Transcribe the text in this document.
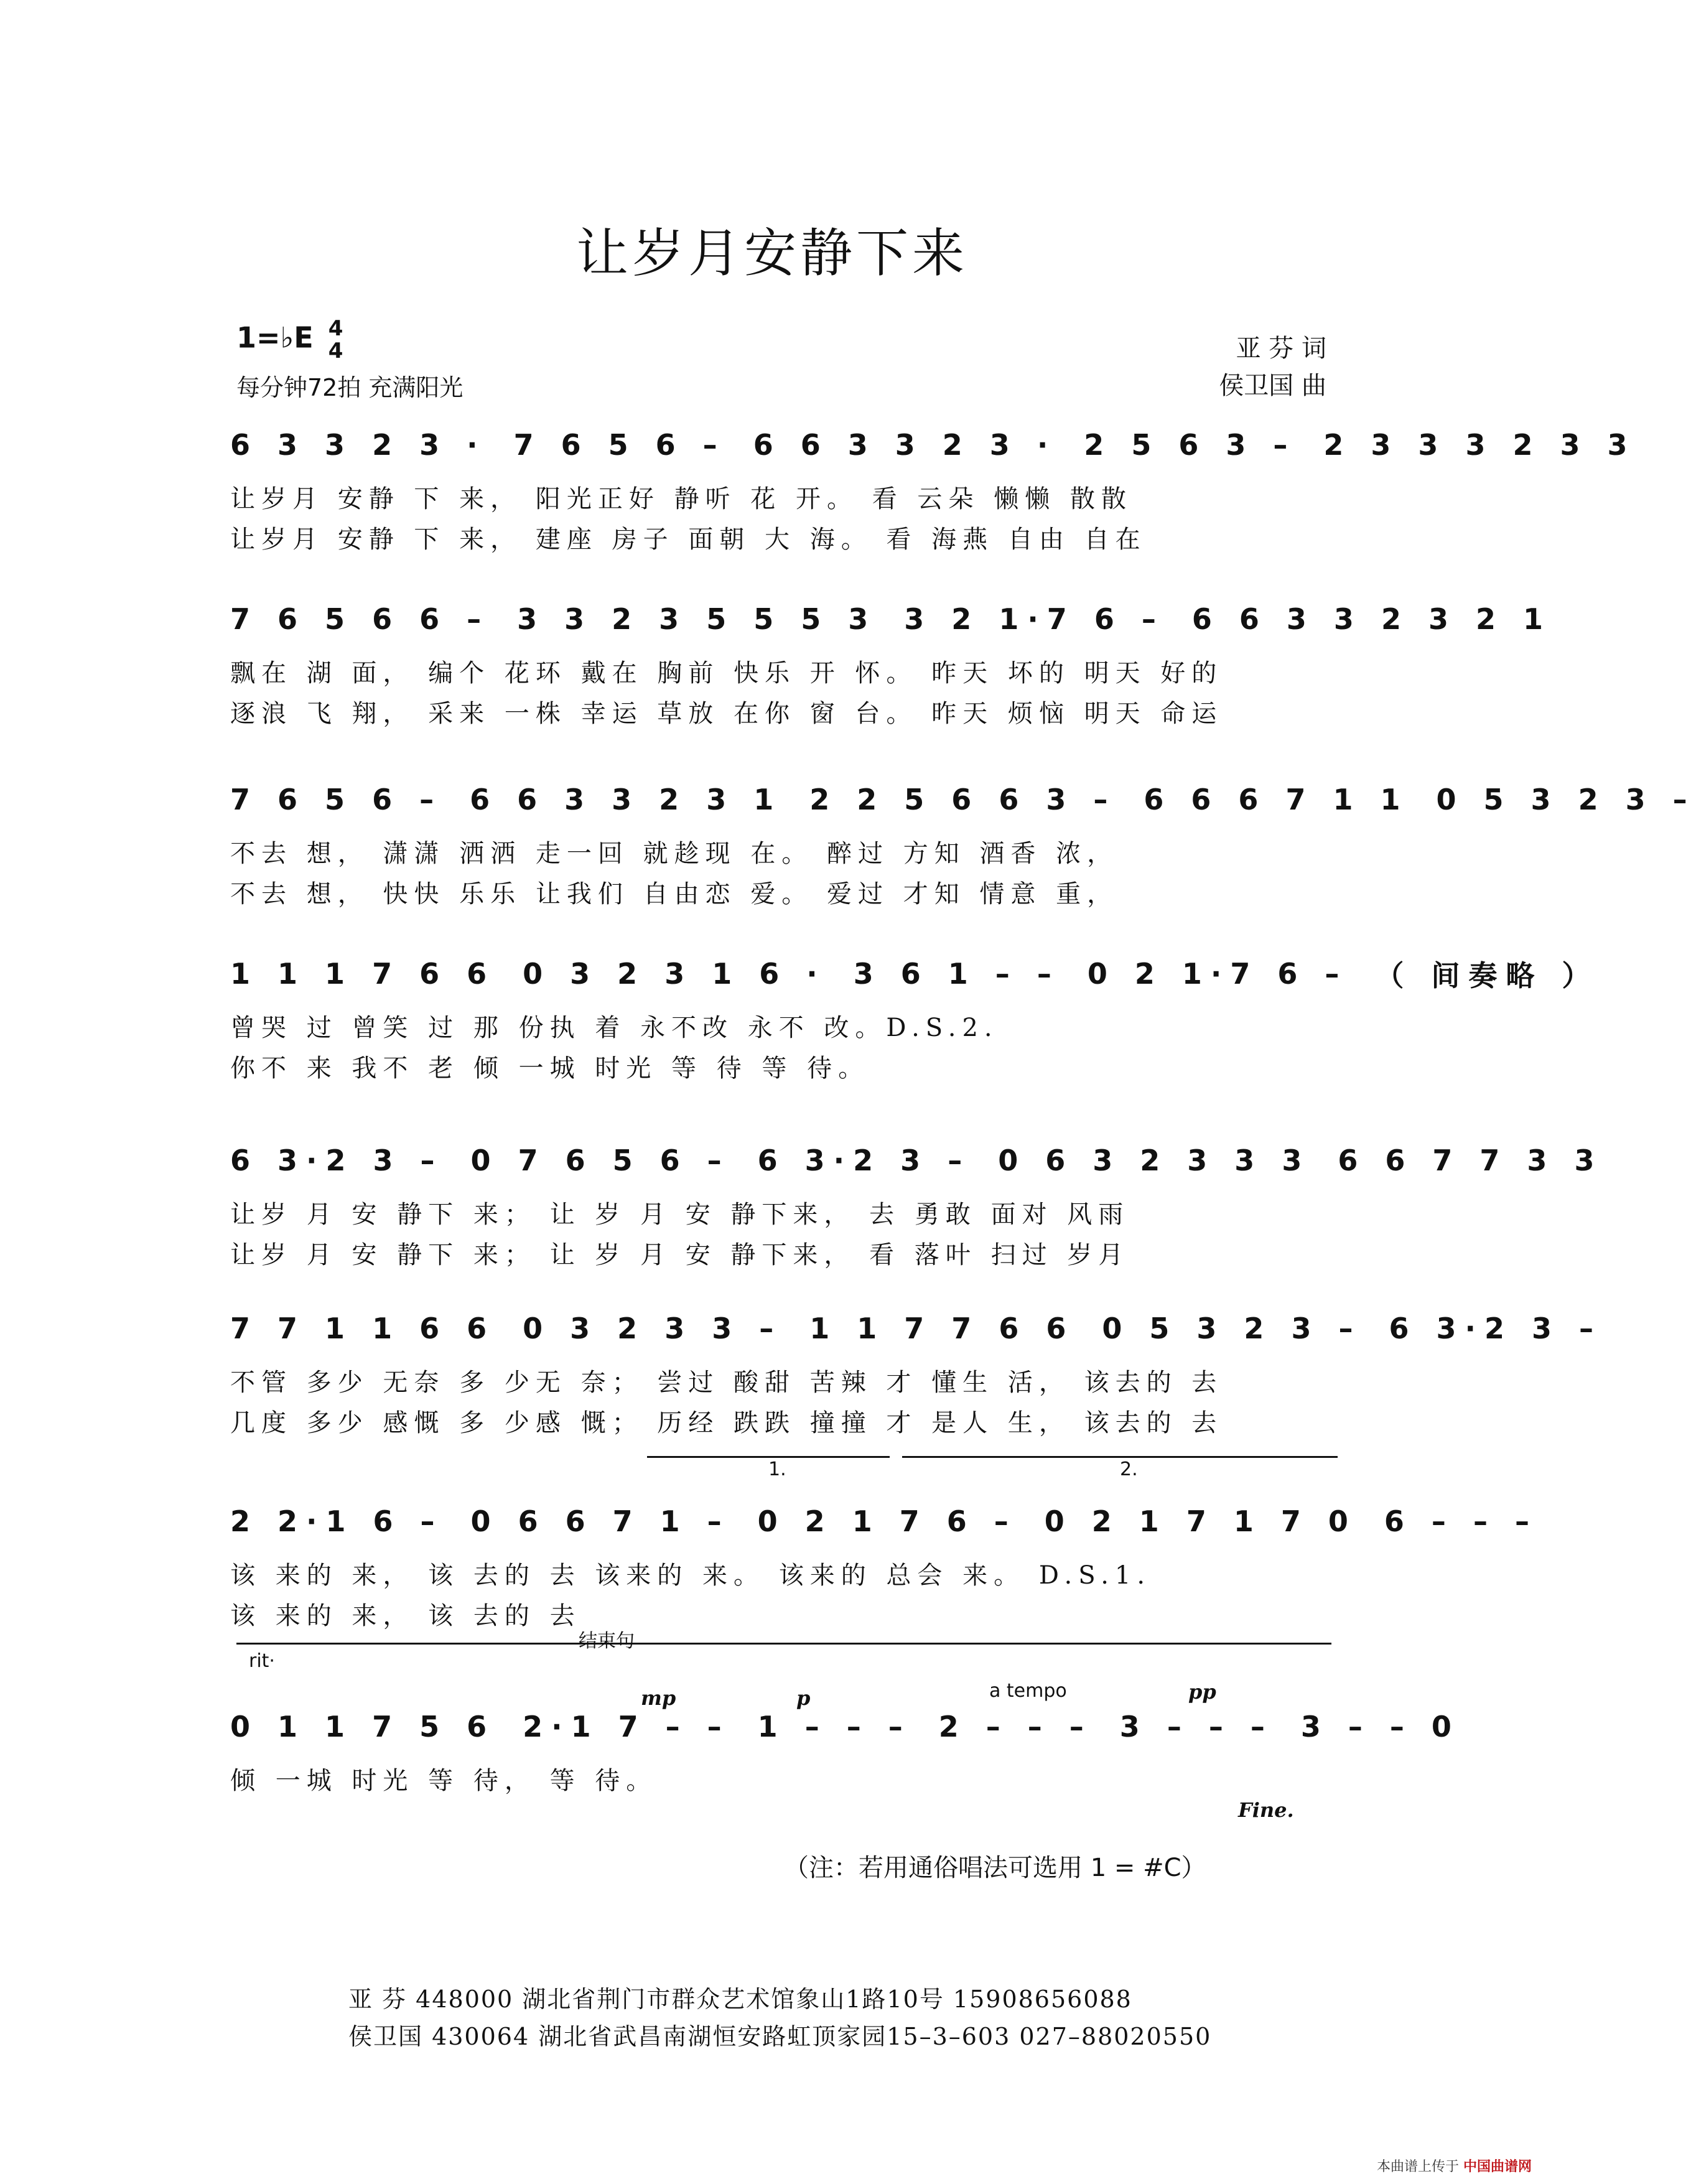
让岁月安静下来
1=♭E 4
4
每分钟72拍 充满阳光
亚 芬 词
侯卫国 曲
6 3 3 2 3 · 7 6 5 6 – 6 6 3 3 2 3 · 2 5 6 3 – 2 3 3 3 2 3 3
让岁月 安静 下 来， 阳光正好 静听 花 开。 看 云朵 懒懒 散散
让岁月 安静 下 来， 建座 房子 面朝 大 海。 看 海燕 自由 自在
7 6 5 6 6 – 3 3 2 3 5 5 5 3 3 2 1·7 6 – 6 6 3 3 2 3 2 1
飘在 湖 面， 编个 花环 戴在 胸前 快乐 开 怀。 昨天 坏的 明天 好的
逐浪 飞 翔， 采来 一株 幸运 草放 在你 窗 台。 昨天 烦恼 明天 命运
7 6 5 6 – 6 6 3 3 2 3 1 2 2 5 6 6 3 – 6 6 6 7 1 1 0 5 3 2 3 –
不去 想， 潇潇 洒洒 走一回 就趁现 在。 醉过 方知 酒香 浓，
不去 想， 快快 乐乐 让我们 自由恋 爱。 爱过 才知 情意 重，
1 1 1 7 6 6 0 3 2 3 1 6 · 3 6 1 – – 0 2 1·7 6 – （ 间奏略 ）
曾哭 过 曾笑 过 那 份执 着 永不改 永不 改。D.S.2.
你不 来 我不 老 倾 一城 时光 等 待 等 待。
6 3·2 3 – 0 7 6 5 6 – 6 3·2 3 – 0 6 3 2 3 3 3 6 6 7 7 3 3
让岁 月 安 静下 来； 让 岁 月 安 静下来， 去 勇敢 面对 风雨
让岁 月 安 静下 来； 让 岁 月 安 静下来， 看 落叶 扫过 岁月
7 7 1 1 6 6 0 3 2 3 3 – 1 1 7 7 6 6 0 5 3 2 3 – 6 3·2 3 –
不管 多少 无奈 多 少无 奈； 尝过 酸甜 苦辣 才 懂生 活， 该去的 去
几度 多少 感慨 多 少感 慨； 历经 跌跌 撞撞 才 是人 生， 该去的 去
2 2·1 6 – 0 6 6 7 1 – 0 2 1 7 6 – 0 2 1 7 1 7 0 6 – – –
该 来的 来， 该 去的 去 该来的 来。 该来的 总会 来。 D.S.1.
该 来的 来， 该 去的 去
1.	2.
0 1 1 7 5 6 2·1 7 – – 1 – – – 2 – – – 3 – – – 3 – – 0
倾 一城 时光 等 待， 等 待。
rit·
结束句
mp	p	a tempo	pp
Fine.
（注：若用通俗唱法可选用 1 = #C）
亚 芬 448000 湖北省荆门市群众艺术馆象山1路10号 15908656088
侯卫国 430064 湖北省武昌南湖恒安路虹顶家园15–3–603 027–88020550
本曲谱上传于 中国曲谱网
